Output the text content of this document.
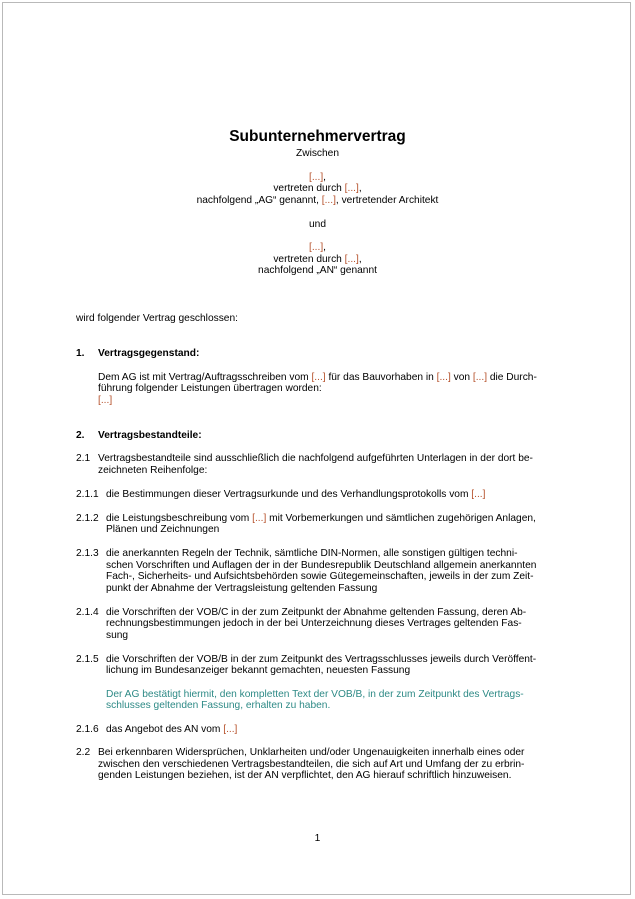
Subunternehmervertrag
Zwischen
[...],
vertreten durch [...],
nachfolgend „AG“ genannt, [...], vertretender Architekt
und
[...],
vertreten durch [...],
nachfolgend „AN“ genannt
wird folgender Vertrag geschlossen:
1. Vertragsgegenstand:
Dem AG ist mit Vertrag/Auftragsschreiben vom [...] für das Bauvorhaben in [...] von [...] die Durch-
führung folgender Leistungen übertragen worden:
[...]
2. Vertragsbestandteile:
2.1 Vertragsbestandteile sind ausschließlich die nachfolgend aufgeführten Unterlagen in der dort be-
zeichneten Reihenfolge:
2.1.1 die Bestimmungen dieser Vertragsurkunde und des Verhandlungsprotokolls vom [...]
2.1.2 die Leistungsbeschreibung vom [...] mit Vorbemerkungen und sämtlichen zugehörigen Anlagen,
Plänen und Zeichnungen
2.1.3 die anerkannten Regeln der Technik, sämtliche DIN-Normen, alle sonstigen gültigen techni-
schen Vorschriften und Auflagen der in der Bundesrepublik Deutschland allgemein anerkannten
Fach-, Sicherheits- und Aufsichtsbehörden sowie Gütegemeinschaften, jeweils in der zum Zeit-
punkt der Abnahme der Vertragsleistung geltenden Fassung
2.1.4 die Vorschriften der VOB/C in der zum Zeitpunkt der Abnahme geltenden Fassung, deren Ab-
rechnungsbestimmungen jedoch in der bei Unterzeichnung dieses Vertrages geltenden Fas-
sung
2.1.5 die Vorschriften der VOB/B in der zum Zeitpunkt des Vertragsschlusses jeweils durch Veröffent-
lichung im Bundesanzeiger bekannt gemachten, neuesten Fassung
Der AG bestätigt hiermit, den kompletten Text der VOB/B, in der zum Zeitpunkt des Vertrags-
schlusses geltenden Fassung, erhalten zu haben.
2.1.6 das Angebot des AN vom [...]
2.2 Bei erkennbaren Widersprüchen, Unklarheiten und/oder Ungenauigkeiten innerhalb eines oder
zwischen den verschiedenen Vertragsbestandteilen, die sich auf Art und Umfang der zu erbrin-
genden Leistungen beziehen, ist der AN verpflichtet, den AG hierauf schriftlich hinzuweisen.
1
